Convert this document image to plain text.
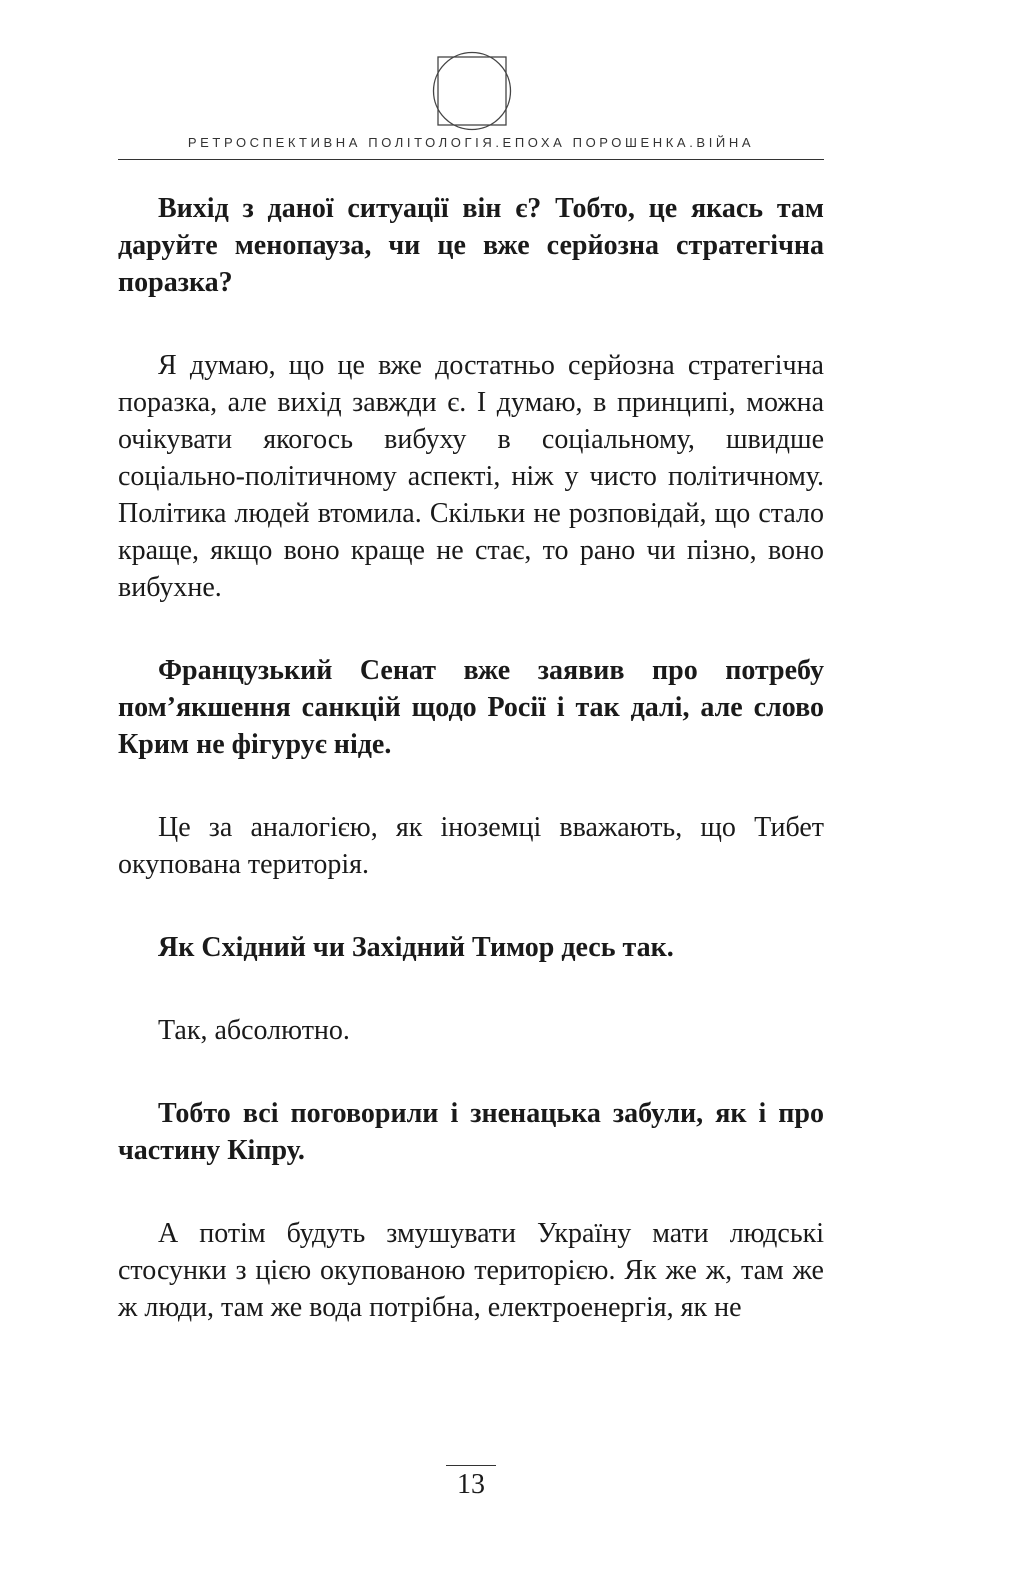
РЕТРОСПЕКТИВНА ПОЛІТОЛОГІЯ.ЕПОХА ПОРОШЕНКА.ВІЙНА

Вихід з даної ситуації він є? Тобто, це якась там даруйте менопауза, чи це вже серйозна стратегічна поразка?

Я думаю, що це вже достатньо серйозна стратегічна поразка, але вихід завжди є. І думаю, в принципі, можна очікувати якогось вибуху в соціальному, швидше соціально-політичному аспекті, ніж у чисто політичному. Політика людей втомила. Скільки не розповідай, що стало краще, якщо воно краще не стає, то рано чи пізно, воно вибухне.

Французький Сенат вже заявив про потребу пом’якшення санкцій щодо Росії і так далі, але слово Крим не фігурує ніде.

Це за аналогією, як іноземці вважають, що Тибет окупована територія.

Як Східний чи Західний Тимор десь так.

Так, абсолютно.

Тобто всі поговорили і зненацька забули, як і про частину Кіпру.

А потім будуть змушувати Україну мати людські стосунки з цією окупованою територією. Як же ж, там же ж люди, там же вода потрібна, електроенергія, як не

13
